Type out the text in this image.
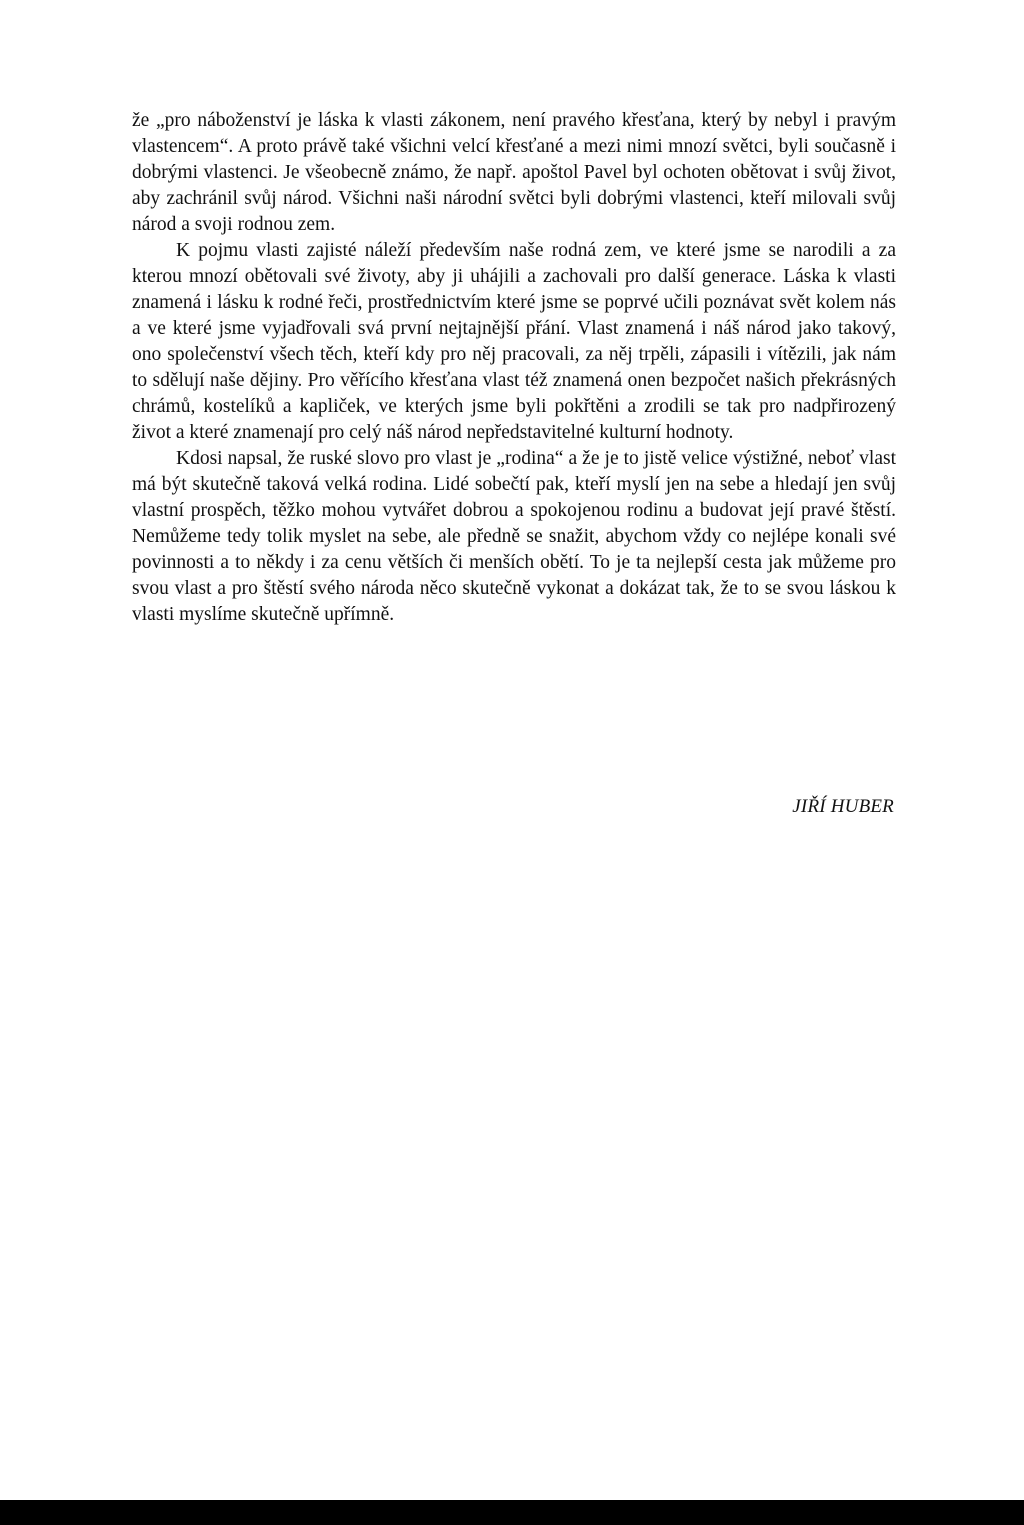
že „pro náboženství je láska k vlasti zákonem, není pravého křesťana, který by nebyl i pravým vlastencem“. A proto právě také všichni velcí křesťané a mezi nimi mnozí světci, byli současně i dobrými vlastenci. Je všeobecně známo, že např. apoštol Pavel byl ochoten obětovat i svůj život, aby zachránil svůj národ. Všichni naši národní světci byli dobrými vlastenci, kteří milovali svůj národ a svoji rodnou zem.

K pojmu vlasti zajisté náleží především naše rodná zem, ve které jsme se narodili a za kterou mnozí obětovali své životy, aby ji uhájili a zachovali pro další generace. Láska k vlasti znamená i lásku k rodné řeči, prostřednictvím které jsme se poprvé učili poznávat svět kolem nás a ve které jsme vyjadřovali svá první nejtajnější přání. Vlast znamená i náš národ jako takový, ono společenství všech těch, kteří kdy pro něj pracovali, za něj trpěli, zápasili i vítězili, jak nám to sdělují naše dějiny. Pro věřícího křesťana vlast též znamená onen bezpočet našich překrásných chrámů, kostelíků a kapliček, ve kterých jsme byli pokřtěni a zrodili se tak pro nadpřirozený život a které znamenají pro celý náš národ nepředstavitelné kulturní hodnoty.

Kdosi napsal, že ruské slovo pro vlast je „rodina“ a že je to jistě velice výstižné, neboť vlast má být skutečně taková velká rodina. Lidé sobečtí pak, kteří myslí jen na sebe a hledají jen svůj vlastní prospěch, těžko mohou vytvářet dobrou a spokojenou rodinu a budovat její pravé štěstí. Nemůžeme tedy tolik myslet na sebe, ale předně se snažit, abychom vždy co nejlépe konali své povinnosti a to někdy i za cenu větších či menších obětí. To je ta nejlepší cesta jak můžeme pro svou vlast a pro štěstí svého národa něco skutečně vykonat a dokázat tak, že to se svou láskou k vlasti myslíme skutečně upřímně.

JIŘÍ HUBER
